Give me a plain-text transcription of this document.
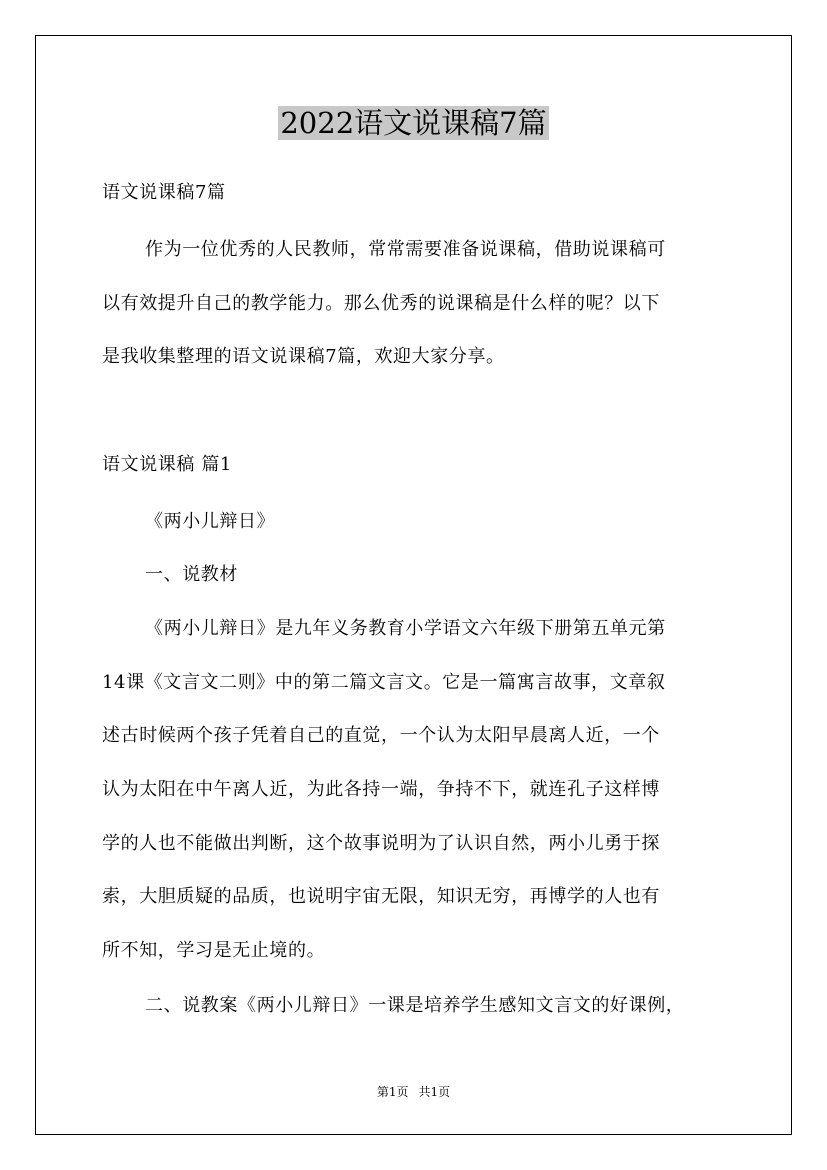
2022语文说课稿7篇
语文说课稿7篇
作为一位优秀的人民教师，常常需要准备说课稿，借助说课稿可
以有效提升自己的教学能力。那么优秀的说课稿是什么样的呢？以下
是我收集整理的语文说课稿7篇，欢迎大家分享。
语文说课稿 篇1
《两小儿辩日》
一、说教材
《两小儿辩日》是九年义务教育小学语文六年级下册第五单元第
14课《文言文二则》中的第二篇文言文。它是一篇寓言故事，文章叙
述古时候两个孩子凭着自己的直觉，一个认为太阳早晨离人近，一个
认为太阳在中午离人近，为此各持一端，争持不下，就连孔子这样博
学的人也不能做出判断，这个故事说明为了认识自然，两小儿勇于探
索，大胆质疑的品质，也说明宇宙无限，知识无穷，再博学的人也有
所不知，学习是无止境的。
二、说教案《两小儿辩日》一课是培养学生感知文言文的好课例，
第1页 共1页
